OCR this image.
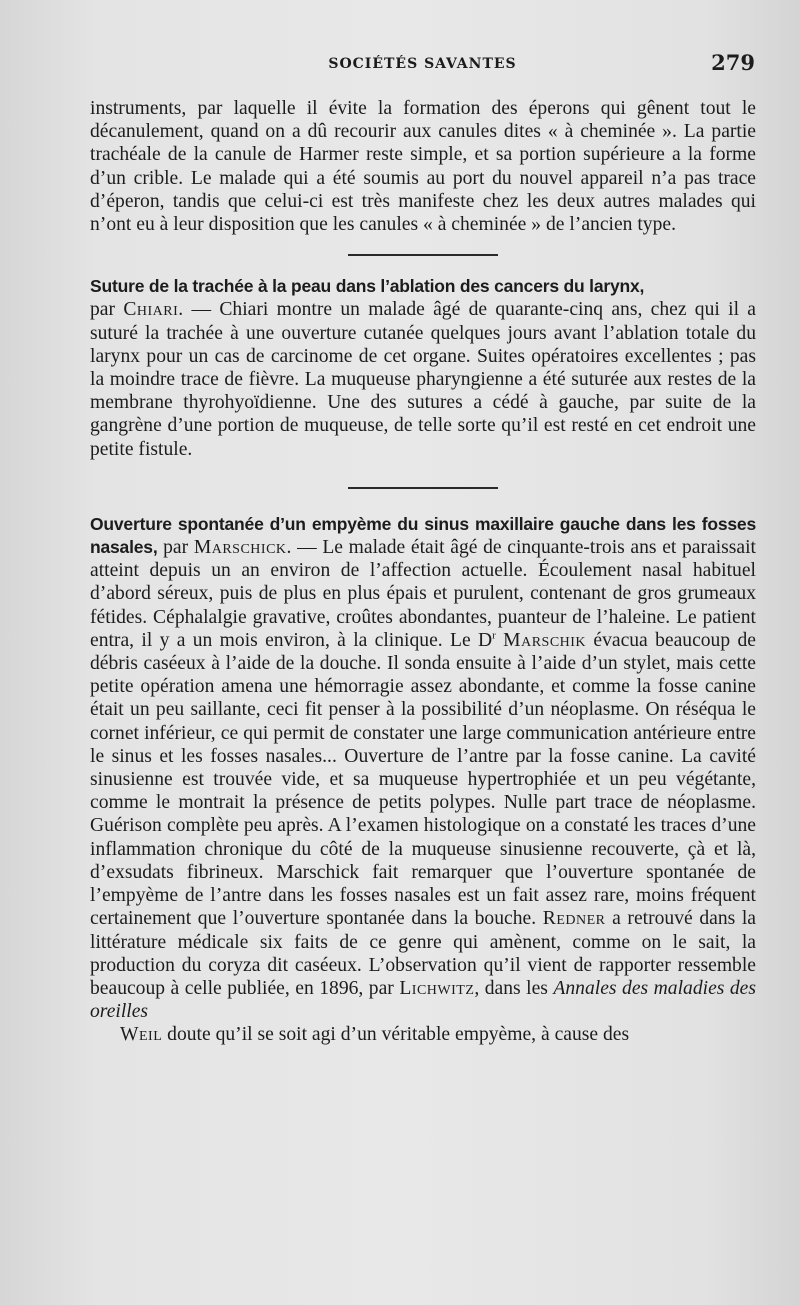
SOCIÉTÉS SAVANTES	279

instruments, par laquelle il évite la formation des éperons qui gênent tout le décanulement, quand on a dû recourir aux canules dites « à cheminée ». La partie trachéale de la canule de Harmer reste simple, et sa portion supérieure a la forme d’un crible. Le malade qui a été soumis au port du nouvel appareil n’a pas trace d’éperon, tandis que celui-ci est très manifeste chez les deux autres malades qui n’ont eu à leur disposition que les canules « à cheminée » de l’ancien type.

Suture de la trachée à la peau dans l’ablation des cancers du larynx,
par Chiari. — Chiari montre un malade âgé de quarante-cinq ans, chez qui il a suturé la trachée à une ouverture cutanée quelques jours avant l’ablation totale du larynx pour un cas de carcinome de cet organe. Suites opératoires excellentes ; pas la moindre trace de fièvre. La muqueuse pharyngienne a été suturée aux restes de la membrane thyrohyoïdienne. Une des sutures a cédé à gauche, par suite de la gangrène d’une portion de muqueuse, de telle sorte qu’il est resté en cet endroit une petite fistule.

Ouverture spontanée d’un empyème du sinus maxillaire gauche dans les fosses nasales, par Marschick. — Le malade était âgé de cinquante-trois ans et paraissait atteint depuis un an environ de l’affection actuelle. Écoulement nasal habituel d’abord séreux, puis de plus en plus épais et purulent, contenant de gros grumeaux fétides. Céphalalgie gravative, croûtes abondantes, puanteur de l’haleine. Le patient entra, il y a un mois environ, à la clinique. Le $D^r$ Marschik évacua beaucoup de débris caséeux à l’aide de la douche. Il sonda ensuite à l’aide d’un stylet, mais cette petite opération amena une hémorragie assez abondante, et comme la fosse canine était un peu saillante, ceci fit penser à la possibilité d’un néoplasme. On réséqua le cornet inférieur, ce qui permit de constater une large communication antérieure entre le sinus et les fosses nasales... Ouverture de l’antre par la fosse canine. La cavité sinusienne est trouvée vide, et sa muqueuse hypertrophiée et un peu végétante, comme le montrait la présence de petits polypes. Nulle part trace de néoplasme. Guérison complète peu après. A l’examen histologique on a constaté les traces d’une inflammation chronique du côté de la muqueuse sinusienne recouverte, çà et là, d’exsudats fibrineux. Marschick fait remarquer que l’ouverture spontanée de l’empyème de l’antre dans les fosses nasales est un fait assez rare, moins fréquent certainement que l’ouverture spontanée dans la bouche. Redner a retrouvé dans la littérature médicale six faits de ce genre qui amènent, comme on le sait, la production du coryza dit caséeux. L’observation qu’il vient de rapporter ressemble beaucoup à celle publiée, en 1896, par Lichwitz, dans les Annales des maladies des oreilles

Weil doute qu’il se soit agi d’un véritable empyème, à cause des
